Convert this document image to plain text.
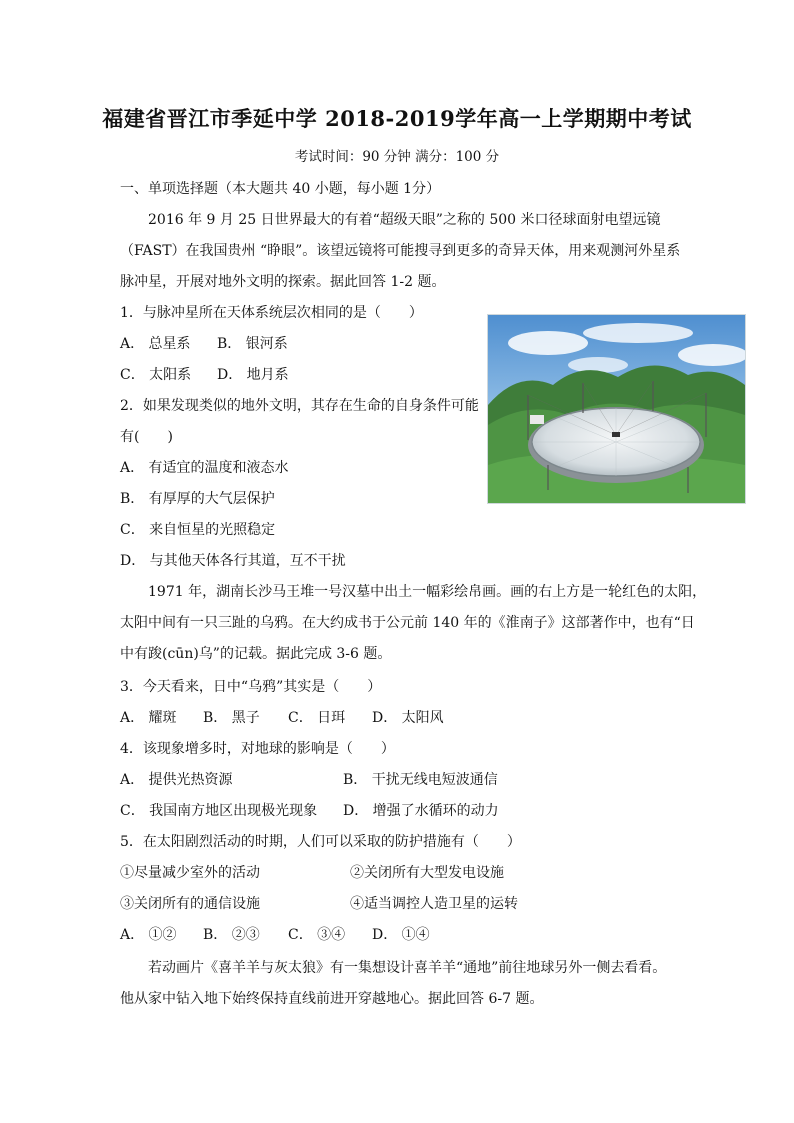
福建省晋江市季延中学 2018-2019学年高一上学期期中考试
考试时间：90 分钟 满分：100 分
一、单项选择题（本大题共 40 小题，每小题 1分）
2016 年 9 月 25 日世界最大的有着“超级天眼”之称的 500 米口径球面射电望远镜
（FAST）在我国贵州 “睁眼”。该望远镜将可能搜寻到更多的奇异天体，用来观测河外星系
脉冲星，开展对地外文明的探索。据此回答 1-2 题。
1．与脉冲星所在天体系统层次相同的是（　　）
A． 总星系 B． 银河系
C． 太阳系 D． 地月系
2．如果发现类似的地外文明，其存在生命的自身条件可能
有(　　)
A． 有适宜的温度和液态水
B． 有厚厚的大气层保护
C． 来自恒星的光照稳定
D． 与其他天体各行其道，互不干扰
1971 年，湖南长沙马王堆一号汉墓中出土一幅彩绘帛画。画的右上方是一轮红色的太阳，
太阳中间有一只三趾的乌鸦。在大约成书于公元前 140 年的《淮南子》这部著作中，也有“日
中有踆(cūn)乌”的记载。据此完成 3-6 题。
3．今天看来，日中“乌鸦”其实是（　　）
A． 耀斑 B． 黑子 C． 日珥 D． 太阳风
4．该现象增多时，对地球的影响是（　　）
A． 提供光热资源	B． 干扰无线电短波通信
C． 我国南方地区出现极光现象 D． 增强了水循环的动力
5．在太阳剧烈活动的时期，人们可以采取的防护措施有（　　）
①尽量减少室外的活动	②关闭所有大型发电设施
③关闭所有的通信设施	④适当调控人造卫星的运转
A． ①② B． ②③ C． ③④ D． ①④
若动画片《喜羊羊与灰太狼》有一集想设计喜羊羊“通地”前往地球另外一侧去看看。
他从家中钻入地下始终保持直线前进开穿越地心。据此回答 6-7 题。
